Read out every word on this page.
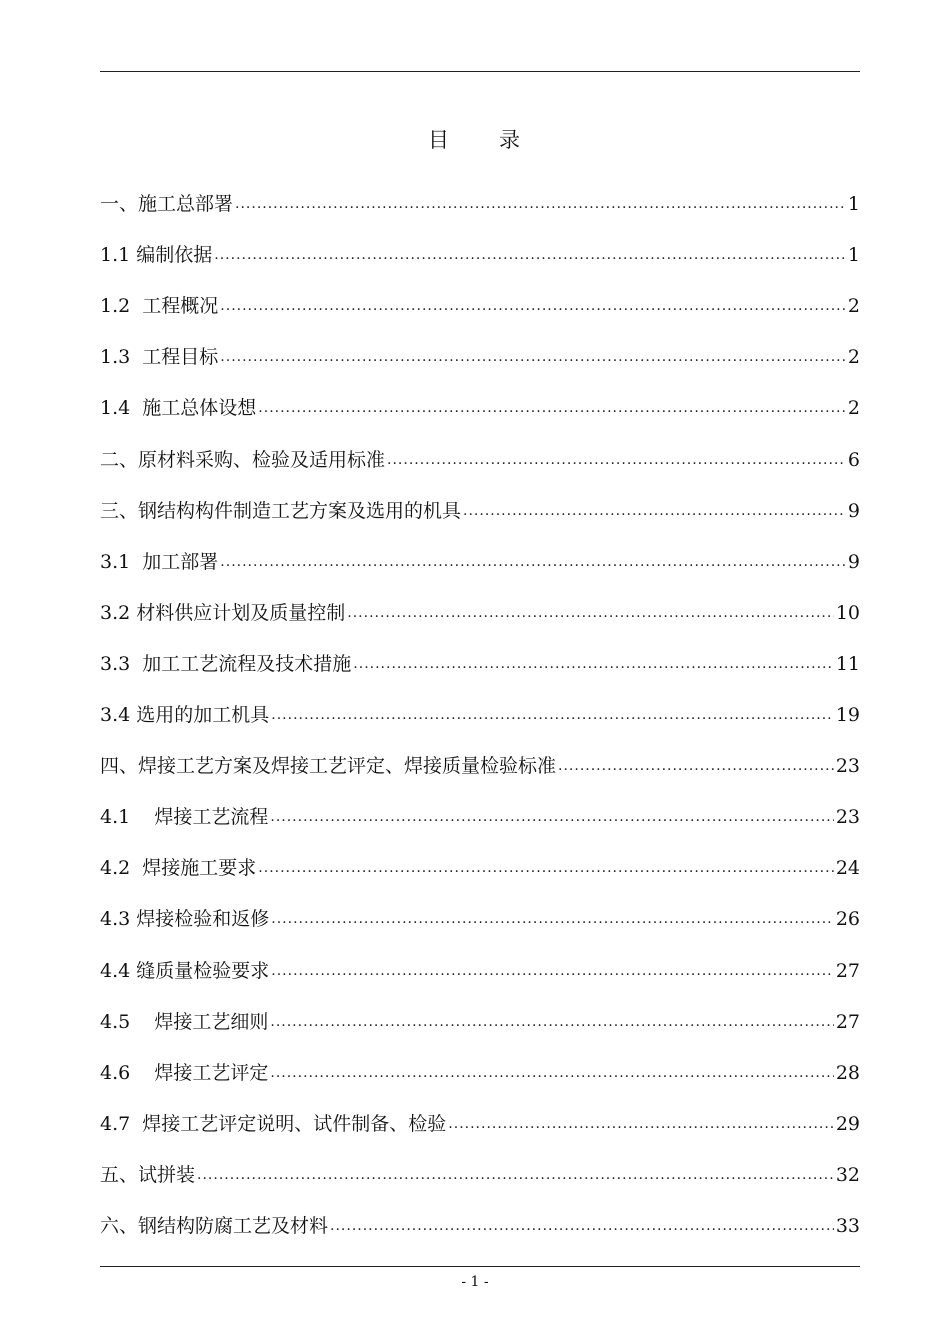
目 录
一、施工总部署 .....	1
1.1 编制依据 .....	1
1.2  工程概况 .....	2
1.3  工程目标 .....	2
1.4  施工总体设想 .....	2
二、原材料采购、检验及适用标准 .....	6
三、钢结构构件制造工艺方案及选用的机具 .....	9
3.1  加工部署 .....	9
3.2 材料供应计划及质量控制 .....	10
3.3  加工工艺流程及技术措施 .....	11
3.4 选用的加工机具 .....	19
四、焊接工艺方案及焊接工艺评定、焊接质量检验标准 .....	23
4.1    焊接工艺流程 .....	23
4.2  焊接施工要求 .....	24
4.3 焊接检验和返修 .....	26
4.4 缝质量检验要求 .....	27
4.5    焊接工艺细则 .....	27
4.6    焊接工艺评定 .....	28
4.7  焊接工艺评定说明、试件制备、检验 .....	29
五、试拼装 .....	32
六、钢结构防腐工艺及材料 .....	33
- 1 -
